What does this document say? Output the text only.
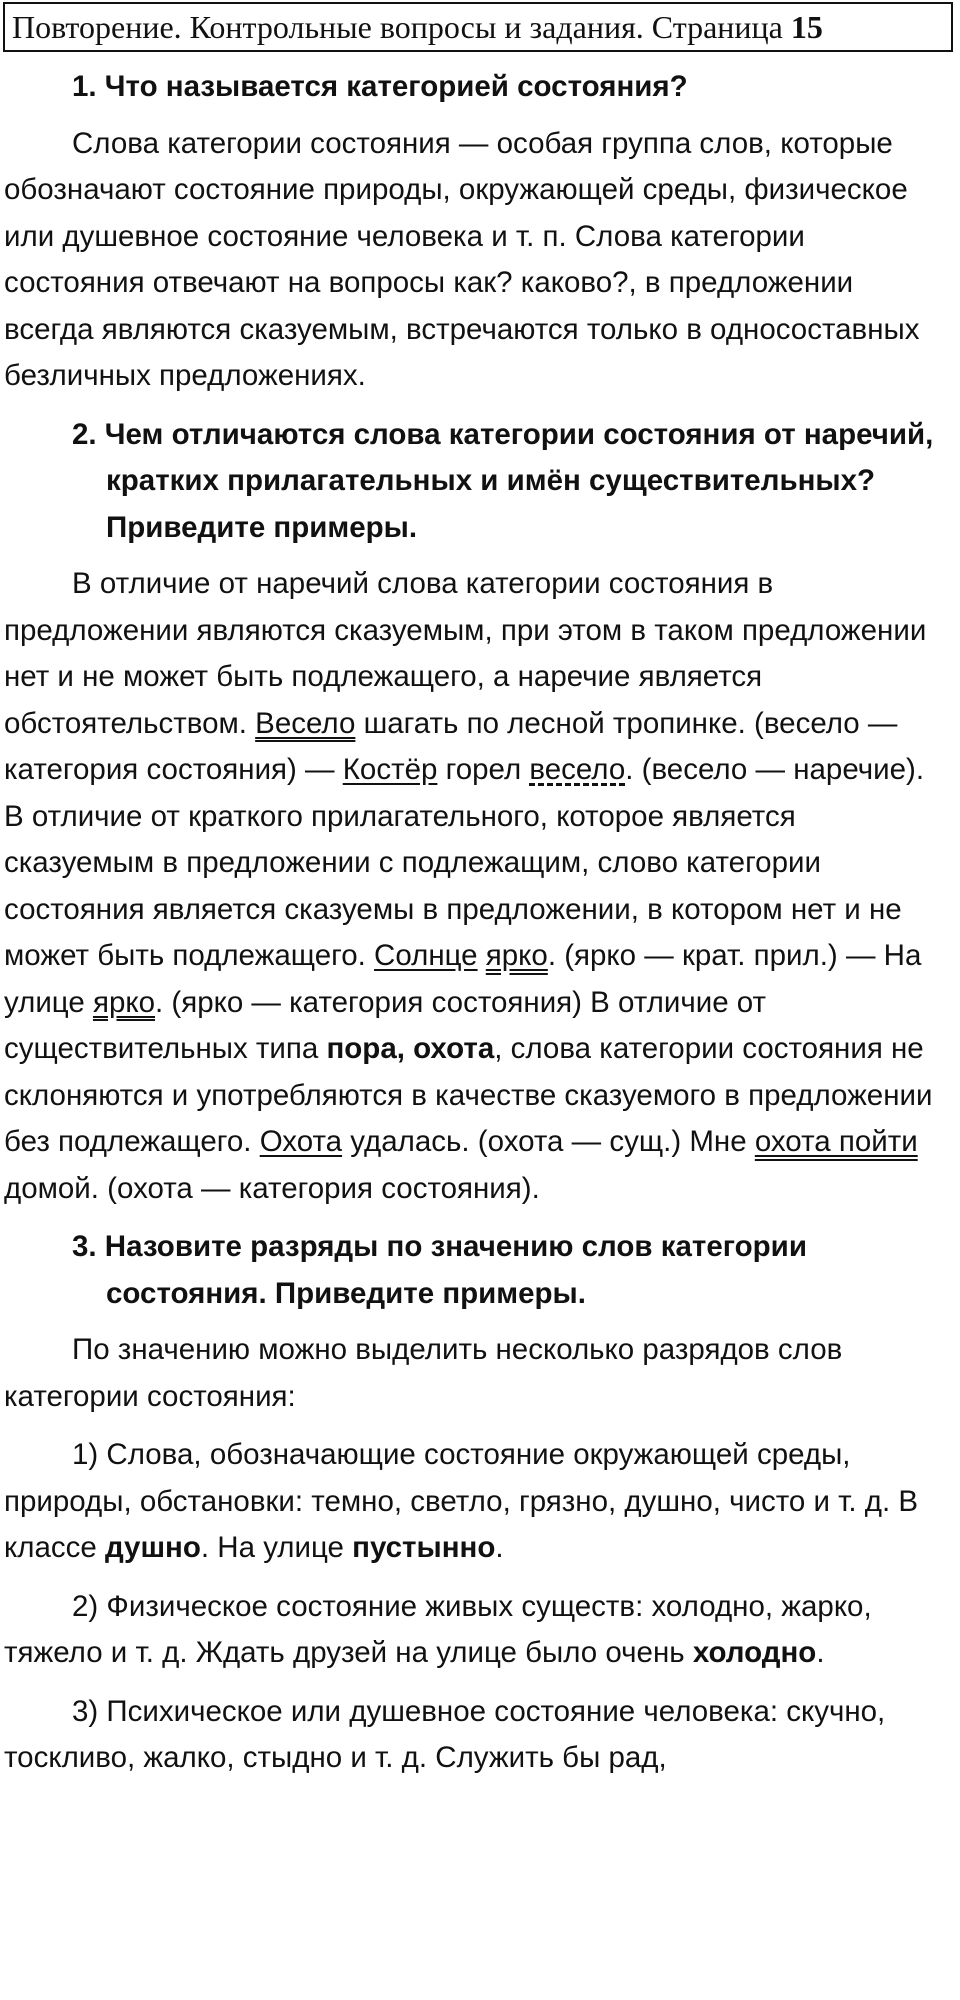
Повторение. Контрольные вопросы и задания. Страница 15
1. Что называется категорией состояния?
Слова категории состояния — особая группа слов, которые обозначают состояние природы, окружающей среды, физическое или душевное состояние человека и т. п. Слова категории состояния отвечают на вопросы как? каково?, в предложении всегда являются сказуемым, встречаются только в односоставных безличных предложениях.
2. Чем отличаются слова категории состояния от наречий, кратких прилагательных и имён существительных? Приведите примеры.
В отличие от наречий слова категории состояния в предложении являются сказуемым, при этом в таком предложении нет и не может быть подлежащего, а наречие является обстоятельством. Весело шагать по лесной тропинке. (весело — категория состояния) — Костёр горел весело. (весело — наречие). В отличие от краткого прилагательного, которое является сказуемым в предложении с подлежащим, слово категории состояния является сказуемы в предложении, в котором нет и не может быть подлежащего. Солнце ярко. (ярко — крат. прил.) — На улице ярко. (ярко — категория состояния) В отличие от существительных типа пора, охота, слова категории состояния не склоняются и употребляются в качестве сказуемого в предложении без подлежащего. Охота удалась. (охота — сущ.) Мне охота пойти домой. (охота — категория состояния).
3. Назовите разряды по значению слов категории состояния. Приведите примеры.
По значению можно выделить несколько разрядов слов категории состояния:
1) Слова, обозначающие состояние окружающей среды, природы, обстановки: темно, светло, грязно, душно, чисто и т. д. В классе душно. На улице пустынно.
2) Физическое состояние живых существ: холодно, жарко, тяжело и т. д. Ждать друзей на улице было очень холодно.
3) Психическое или душевное состояние человека: скучно, тоскливо, жалко, стыдно и т. д. Служить бы рад,
